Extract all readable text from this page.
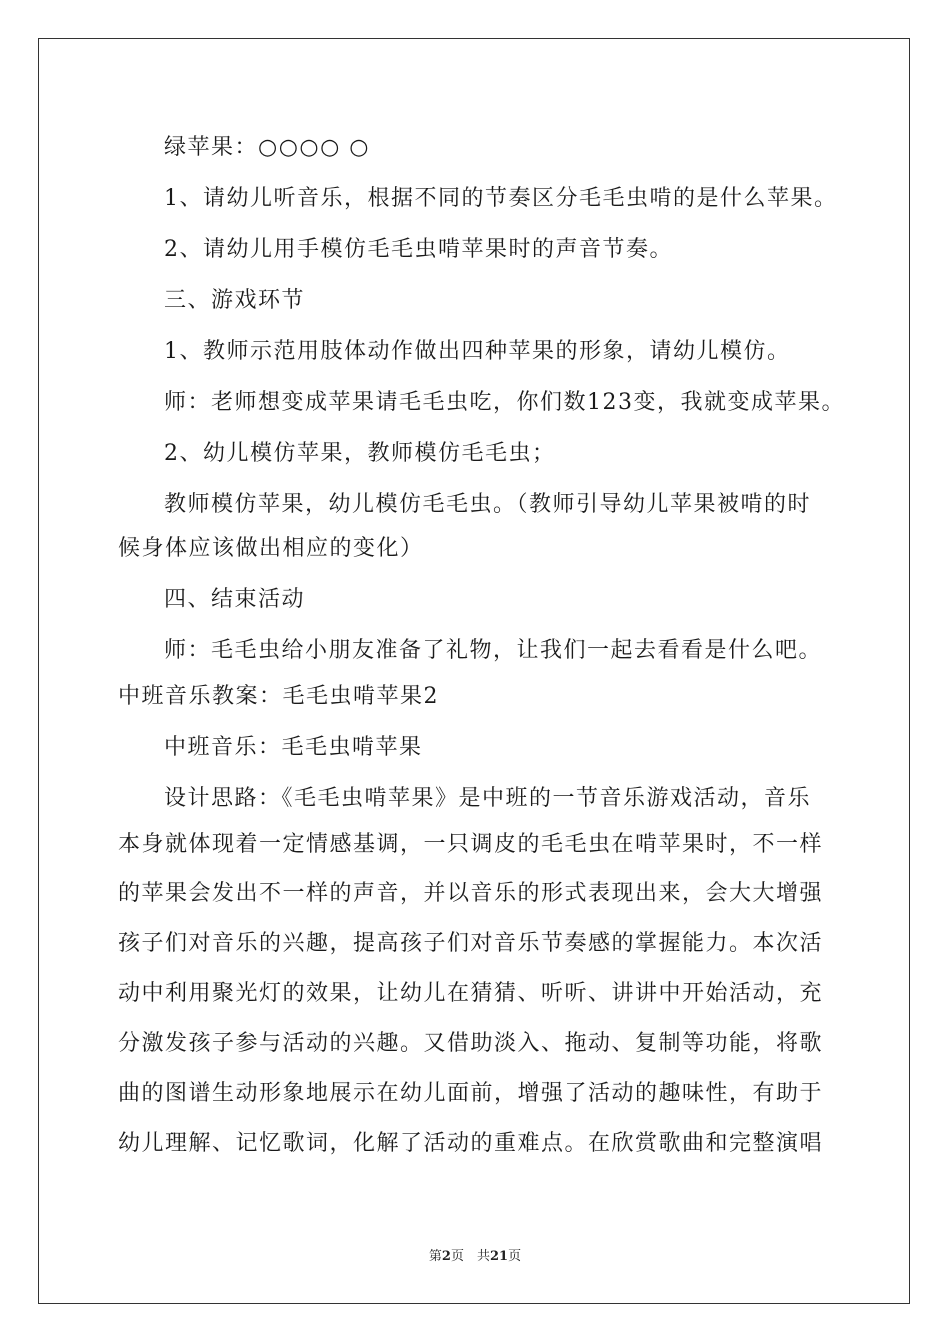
绿苹果：○○○○ ○
1、请幼儿听音乐，根据不同的节奏区分毛毛虫啃的是什么苹果。
2、请幼儿用手模仿毛毛虫啃苹果时的声音节奏。
三、游戏环节
1、教师示范用肢体动作做出四种苹果的形象，请幼儿模仿。
师：老师想变成苹果请毛毛虫吃，你们数123变，我就变成苹果。
2、幼儿模仿苹果，教师模仿毛毛虫；
教师模仿苹果，幼儿模仿毛毛虫。（教师引导幼儿苹果被啃的时
候身体应该做出相应的变化）
四、结束活动
师：毛毛虫给小朋友准备了礼物，让我们一起去看看是什么吧。
中班音乐教案：毛毛虫啃苹果2
中班音乐：毛毛虫啃苹果
设计思路：《毛毛虫啃苹果》是中班的一节音乐游戏活动，音乐
本身就体现着一定情感基调，一只调皮的毛毛虫在啃苹果时，不一样
的苹果会发出不一样的声音，并以音乐的形式表现出来，会大大增强
孩子们对音乐的兴趣，提高孩子们对音乐节奏感的掌握能力。本次活
动中利用聚光灯的效果，让幼儿在猜猜、听听、讲讲中开始活动，充
分激发孩子参与活动的兴趣。又借助淡入、拖动、复制等功能，将歌
曲的图谱生动形象地展示在幼儿面前，增强了活动的趣味性，有助于
幼儿理解、记忆歌词，化解了活动的重难点。在欣赏歌曲和完整演唱
第2页　共21页
